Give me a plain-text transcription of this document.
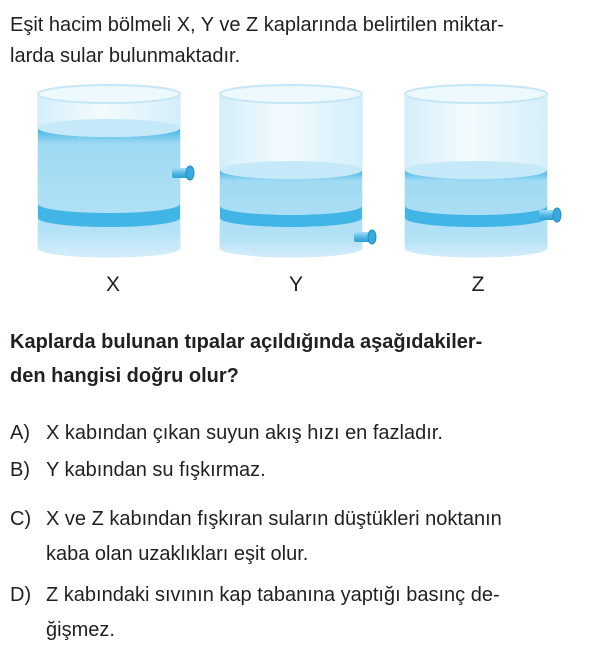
Eşit hacim bölmeli X, Y ve Z kaplarında belirtilen miktar-
larda sular bulunmaktadır.
X	Y	Z
Kaplarda bulunan tıpalar açıldığında aşağıdakiler-
den hangisi doğru olur?
A) X kabından çıkan suyun akış hızı en fazladır.
B) Y kabından su fışkırmaz.
C) X ve Z kabından fışkıran suların düştükleri noktanın
kaba olan uzaklıkları eşit olur.
D) Z kabındaki sıvının kap tabanına yaptığı basınç de-
ğişmez.
